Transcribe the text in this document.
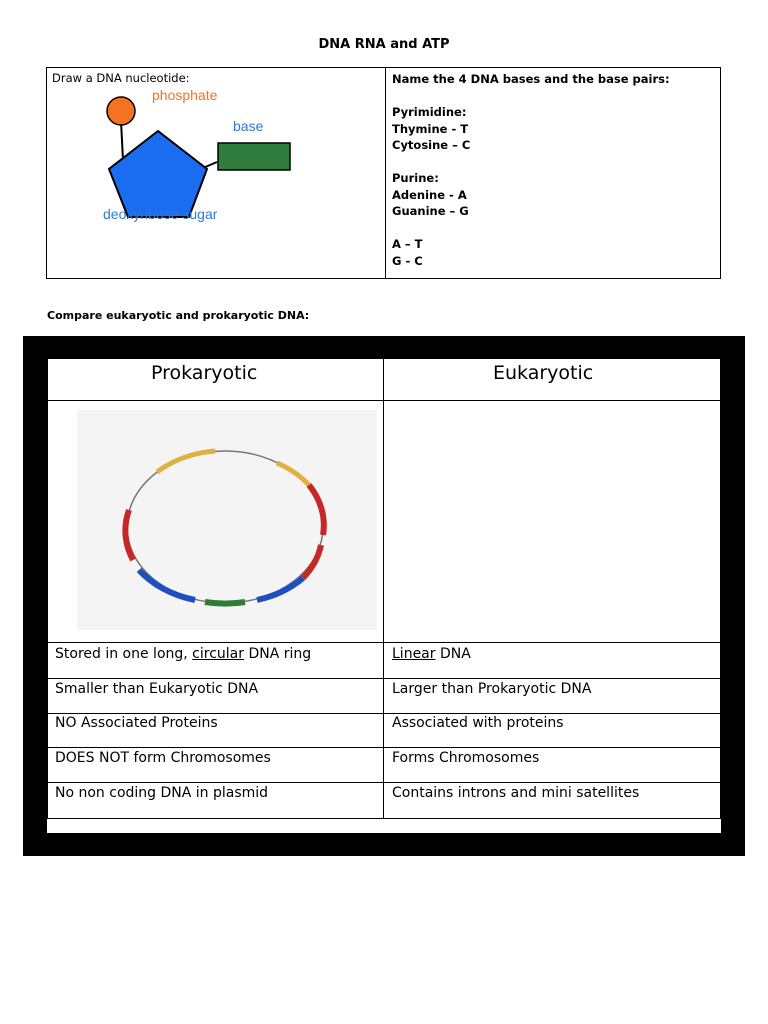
DNA RNA and ATP
Draw a DNA nucleotide:
phosphate
base
deoxyribose sugar
Name the 4 DNA bases and the base pairs:
Pyrimidine:
Thymine - T
Cytosine – C
Purine:
Adenine - A
Guanine – G
A – T
G - C
Compare eukaryotic and prokaryotic DNA:
Prokaryotic	Eukaryotic
Stored in one long, circular DNA ring	Linear DNA
Smaller than Eukaryotic DNA	Larger than Prokaryotic DNA
NO Associated Proteins	Associated with proteins
DOES NOT form Chromosomes	Forms Chromosomes
No non coding DNA in plasmid	Contains introns and mini satellites
